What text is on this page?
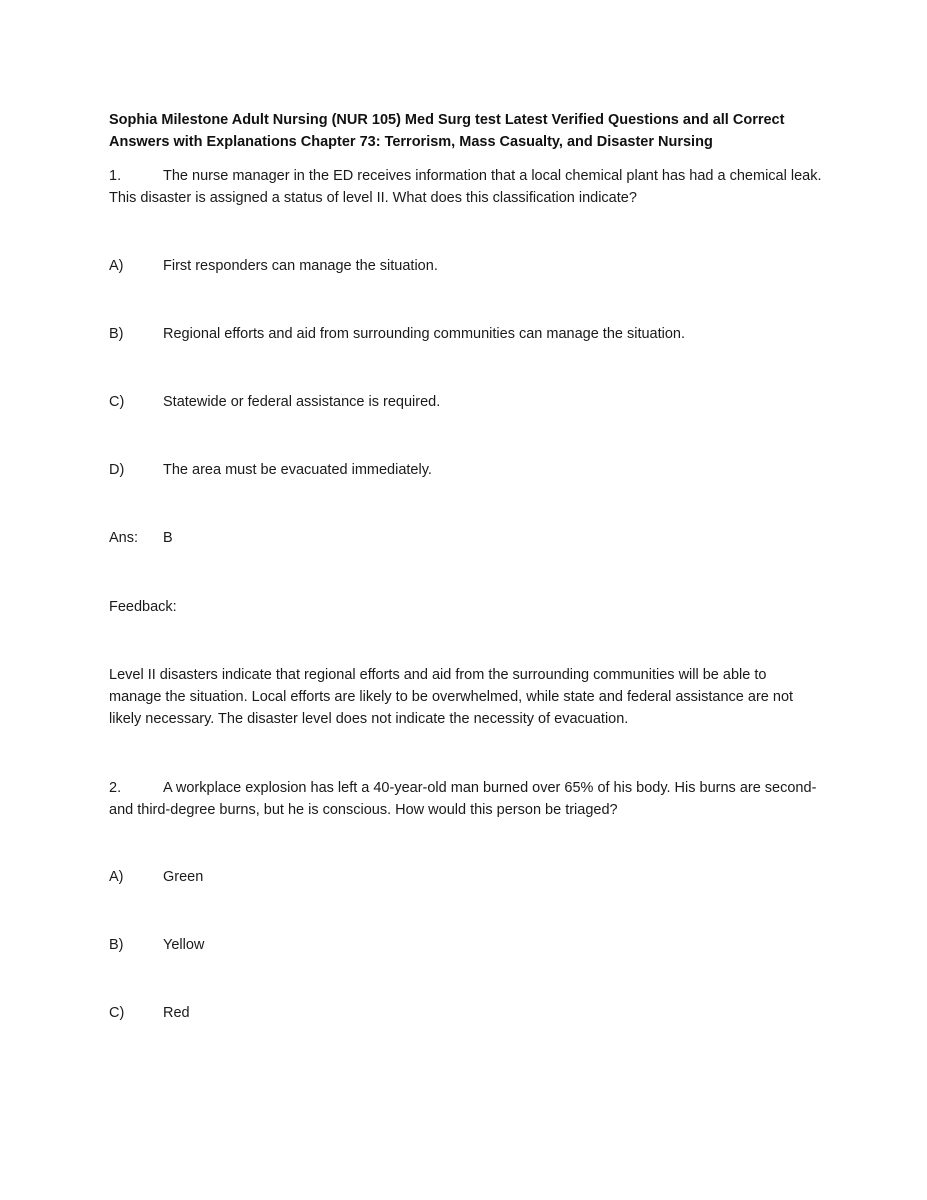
Sophia Milestone Adult Nursing (NUR 105) Med Surg test Latest Verified Questions and all Correct Answers with Explanations Chapter 73: Terrorism, Mass Casualty, and Disaster Nursing
1.	The nurse manager in the ED receives information that a local chemical plant has had a chemical leak. This disaster is assigned a status of level II. What does this classification indicate?
A)	First responders can manage the situation.
B)	Regional efforts and aid from surrounding communities can manage the situation.
C)	Statewide or federal assistance is required.
D)	The area must be evacuated immediately.
Ans: B
Feedback:
Level II disasters indicate that regional efforts and aid from the surrounding communities will be able to manage the situation. Local efforts are likely to be overwhelmed, while state and federal assistance are not likely necessary. The disaster level does not indicate the necessity of evacuation.
2.	A workplace explosion has left a 40-year-old man burned over 65% of his body. His burns are second- and third-degree burns, but he is conscious. How would this person be triaged?
A)	Green
B)	Yellow
C)	Red
